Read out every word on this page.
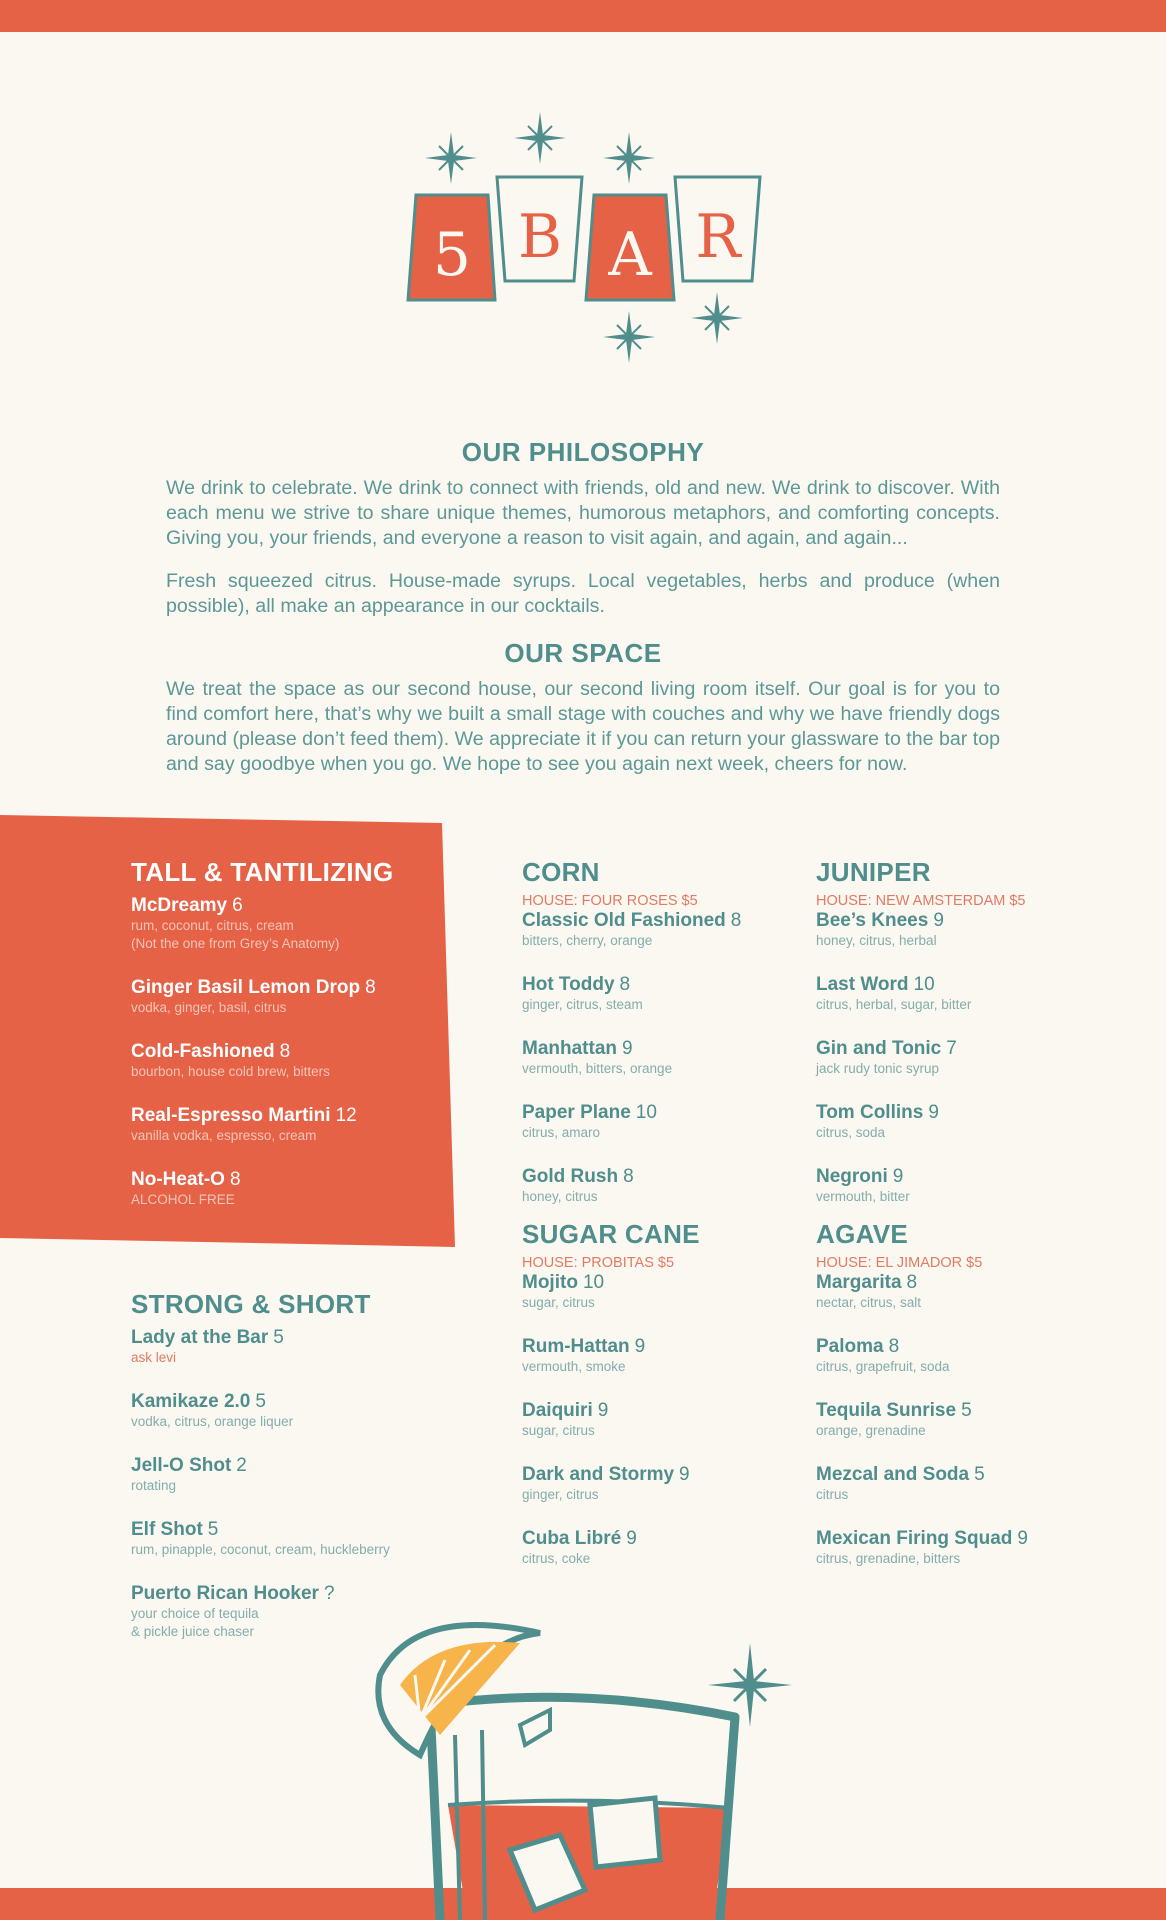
5 B A R
OUR PHILOSOPHY

We drink to celebrate. We drink to connect with friends, old and new. We drink to discover. With each menu we strive to share unique themes, humorous metaphors, and comforting concepts. Giving you, your friends, and everyone a reason to visit again, and again, and again...

Fresh squeezed citrus. House-made syrups. Local vegetables, herbs and produce (when possible), all make an appearance in our cocktails.

OUR SPACE

We treat the space as our second house, our second living room itself. Our goal is for you to find comfort here, that’s why we built a small stage with couches and why we have friendly dogs around (please don’t feed them). We appreciate it if you can return your glassware to the bar top and say goodbye when you go. We hope to see you again next week, cheers for now.

TALL & TANTILIZING
McDreamy 6
rum, coconut, citrus, cream
(Not the one from Grey’s Anatomy)
Ginger Basil Lemon Drop 8
vodka, ginger, basil, citrus
Cold-Fashioned 8
bourbon, house cold brew, bitters
Real-Espresso Martini 12
vanilla vodka, espresso, cream
No-Heat-O 8
ALCOHOL FREE
STRONG & SHORT
Lady at the Bar 5
ask levi
Kamikaze 2.0 5
vodka, citrus, orange liquer
Jell-O Shot 2
rotating
Elf Shot 5
rum, pinapple, coconut, cream, huckleberry
Puerto Rican Hooker ?
your choice of tequila
& pickle juice chaser
CORN
HOUSE: FOUR ROSES $5
Classic Old Fashioned 8
bitters, cherry, orange
Hot Toddy 8
ginger, citrus, steam
Manhattan 9
vermouth, bitters, orange
Paper Plane 10
citrus, amaro
Gold Rush 8
honey, citrus
SUGAR CANE
HOUSE: PROBITAS $5
Mojito 10
sugar, citrus
Rum-Hattan 9
vermouth, smoke
Daiquiri 9
sugar, citrus
Dark and Stormy 9
ginger, citrus
Cuba Libré 9
citrus, coke
JUNIPER
HOUSE: NEW AMSTERDAM $5
Bee’s Knees 9
honey, citrus, herbal
Last Word 10
citrus, herbal, sugar, bitter
Gin and Tonic 7
jack rudy tonic syrup
Tom Collins 9
citrus, soda
Negroni 9
vermouth, bitter
AGAVE
HOUSE: EL JIMADOR $5
Margarita 8
nectar, citrus, salt
Paloma 8
citrus, grapefruit, soda
Tequila Sunrise 5
orange, grenadine
Mezcal and Soda 5
citrus
Mexican Firing Squad 9
citrus, grenadine, bitters
